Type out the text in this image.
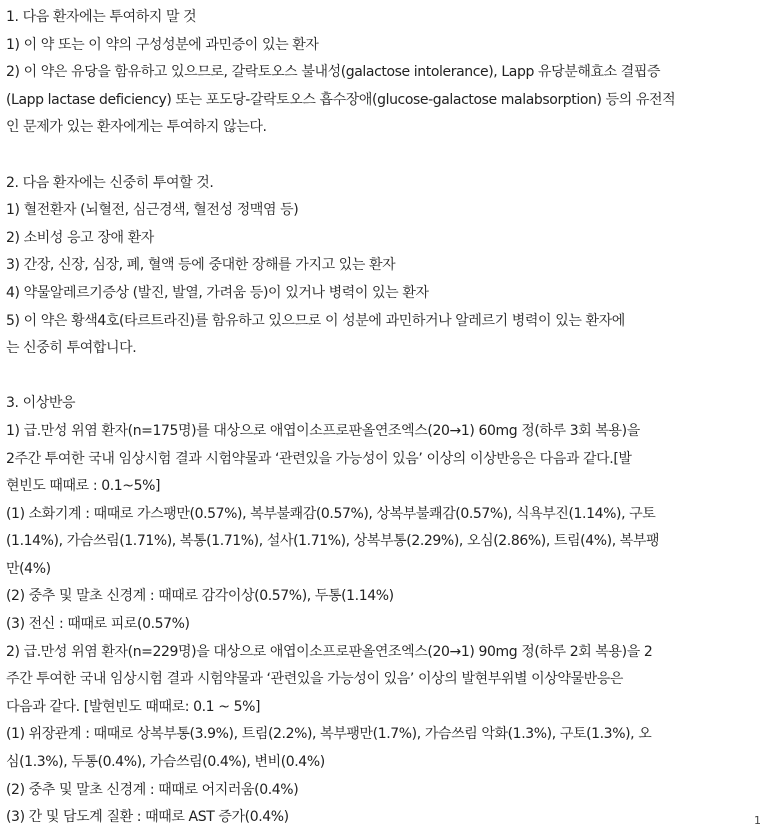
1. 다음 환자에는 투여하지 말 것
1) 이 약 또는 이 약의 구성성분에 과민증이 있는 환자
2) 이 약은 유당을 함유하고 있으므로, 갈락토오스 불내성(galactose intolerance), Lapp 유당분해효소 결핍증
(Lapp lactase deficiency) 또는 포도당-갈락토오스 흡수장애(glucose-galactose malabsorption) 등의 유전적
인 문제가 있는 환자에게는 투여하지 않는다.
2. 다음 환자에는 신중히 투여할 것.
1) 혈전환자 (뇌혈전, 심근경색, 혈전성 정맥염 등)
2) 소비성 응고 장애 환자
3) 간장, 신장, 심장, 폐, 혈액 등에 중대한 장해를 가지고 있는 환자
4) 약물알레르기증상 (발진, 발열, 가려움 등)이 있거나 병력이 있는 환자
5) 이 약은 황색4호(타르트라진)를 함유하고 있으므로 이 성분에 과민하거나 알레르기 병력이 있는 환자에
는 신중히 투여합니다.
3. 이상반응
1) 급.만성 위염 환자(n=175명)를 대상으로 애엽이소프로판올연조엑스(20→1) 60mg 정(하루 3회 복용)을
2주간 투여한 국내 임상시험 결과 시험약물과 ‘관련있을 가능성이 있음’ 이상의 이상반응은 다음과 같다.[발
현빈도 때때로 : 0.1~5%]
(1) 소화기계 : 때때로 가스팽만(0.57%), 복부불쾌감(0.57%), 상복부불쾌감(0.57%), 식욕부진(1.14%), 구토
(1.14%), 가슴쓰림(1.71%), 복통(1.71%), 설사(1.71%), 상복부통(2.29%), 오심(2.86%), 트림(4%), 복부팽
만(4%)
(2) 중추 및 말초 신경계 : 때때로 감각이상(0.57%), 두통(1.14%)
(3) 전신 : 때때로 피로(0.57%)
2) 급.만성 위염 환자(n=229명)을 대상으로 애엽이소프로판올연조엑스(20→1) 90mg 정(하루 2회 복용)을 2
주간 투여한 국내 임상시험 결과 시험약물과 ‘관련있을 가능성이 있음’ 이상의 발현부위별 이상약물반응은
다음과 같다. [발현빈도 때때로: 0.1 ~ 5%]
(1) 위장관계 : 때때로 상복부통(3.9%), 트림(2.2%), 복부팽만(1.7%), 가슴쓰림 악화(1.3%), 구토(1.3%), 오
심(1.3%), 두통(0.4%), 가슴쓰림(0.4%), 변비(0.4%)
(2) 중추 및 말초 신경계 : 때때로 어지러움(0.4%)
(3) 간 및 담도계 질환 : 때때로 AST 증가(0.4%)	1
